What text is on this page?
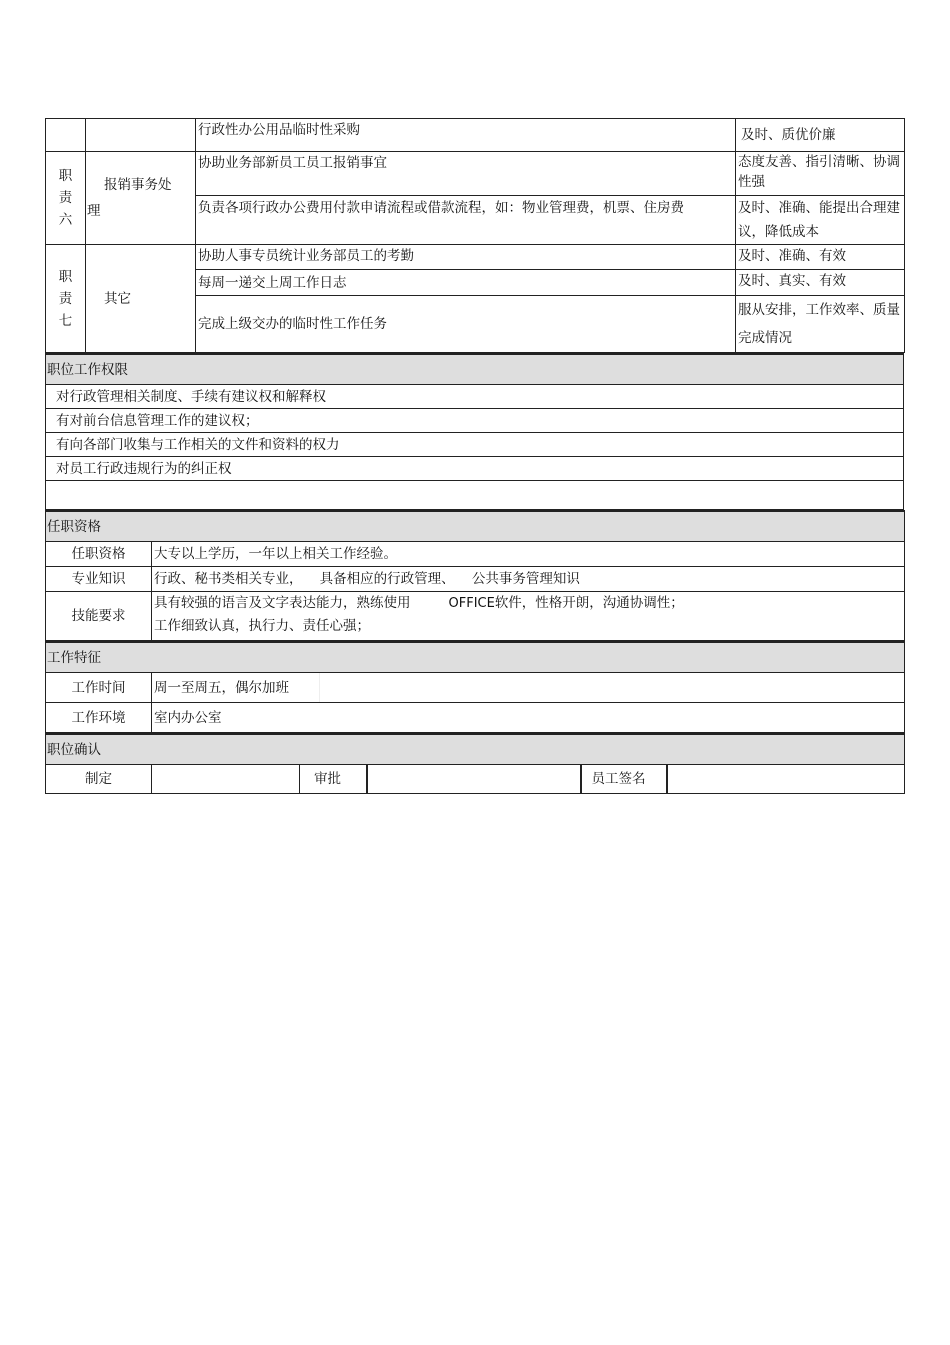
		行政性办公用品临时性采购	及时、质优价廉

职
责
六	报销事务处理	协助业务部新员工员工报销事宜	态度友善、指引清晰、协调性强
		负责各项行政办公费用付款申请流程或借款流程，如：物业管理费，机票、住房费	及时、准确、能提出合理建议，降低成本

职
责
七	其它	协助人事专员统计业务部员工的考勤	及时、准确、有效
		每周一递交上周工作日志	及时、真实、有效
		完成上级交办的临时性工作任务	服从安排，工作效率、质量完成情况
职位工作权限
对行政管理相关制度、手续有建议权和解释权
有对前台信息管理工作的建议权；
有向各部门收集与工作相关的文件和资料的权力
对员工行政违规行为的纠正权

任职资格	
任职资格	大专以上学历，一年以上相关工作经验。
专业知识	行政、秘书类相关专业，    具备相应的行政管理、    公共事务管理知识
技能要求	具有较强的语言及文字表达能力，熟练使用 OFFICE软件，性格开朗，沟通协调性；
工作细致认真，执行力、责任心强；
工作特征		
工作时间	周一至周五，偶尔加班	
工作环境	室内办公室	
职位确认
制定		审批		员工签名	
